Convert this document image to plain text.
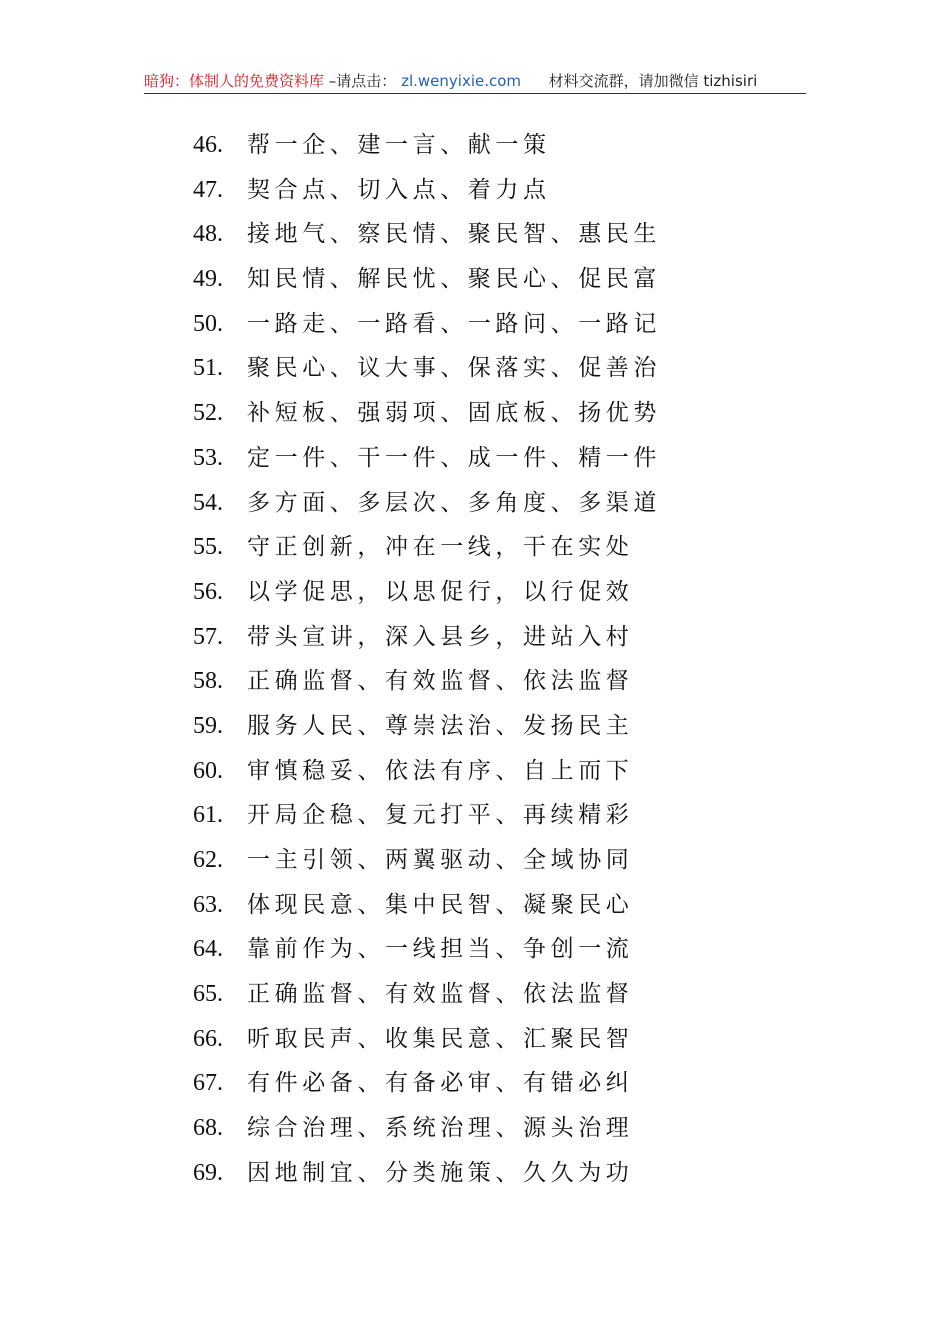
暗狗：体制人的免费资料库 –请点击： zl.wenyixie.com 材料交流群，请加微信 tizhisiri
46. 帮一企、建一言、献一策
47. 契合点、切入点、着力点
48. 接地气、察民情、聚民智、惠民生
49. 知民情、解民忧、聚民心、促民富
50. 一路走、一路看、一路问、一路记
51. 聚民心、议大事、保落实、促善治
52. 补短板、强弱项、固底板、扬优势
53. 定一件、干一件、成一件、精一件
54. 多方面、多层次、多角度、多渠道
55. 守正创新，冲在一线，干在实处
56. 以学促思，以思促行，以行促效
57. 带头宣讲，深入县乡，进站入村
58. 正确监督、有效监督、依法监督
59. 服务人民、尊崇法治、发扬民主
60. 审慎稳妥、依法有序、自上而下
61. 开局企稳、复元打平、再续精彩
62. 一主引领、两翼驱动、全域协同
63. 体现民意、集中民智、凝聚民心
64. 靠前作为、一线担当、争创一流
65. 正确监督、有效监督、依法监督
66. 听取民声、收集民意、汇聚民智
67. 有件必备、有备必审、有错必纠
68. 综合治理、系统治理、源头治理
69. 因地制宜、分类施策、久久为功
